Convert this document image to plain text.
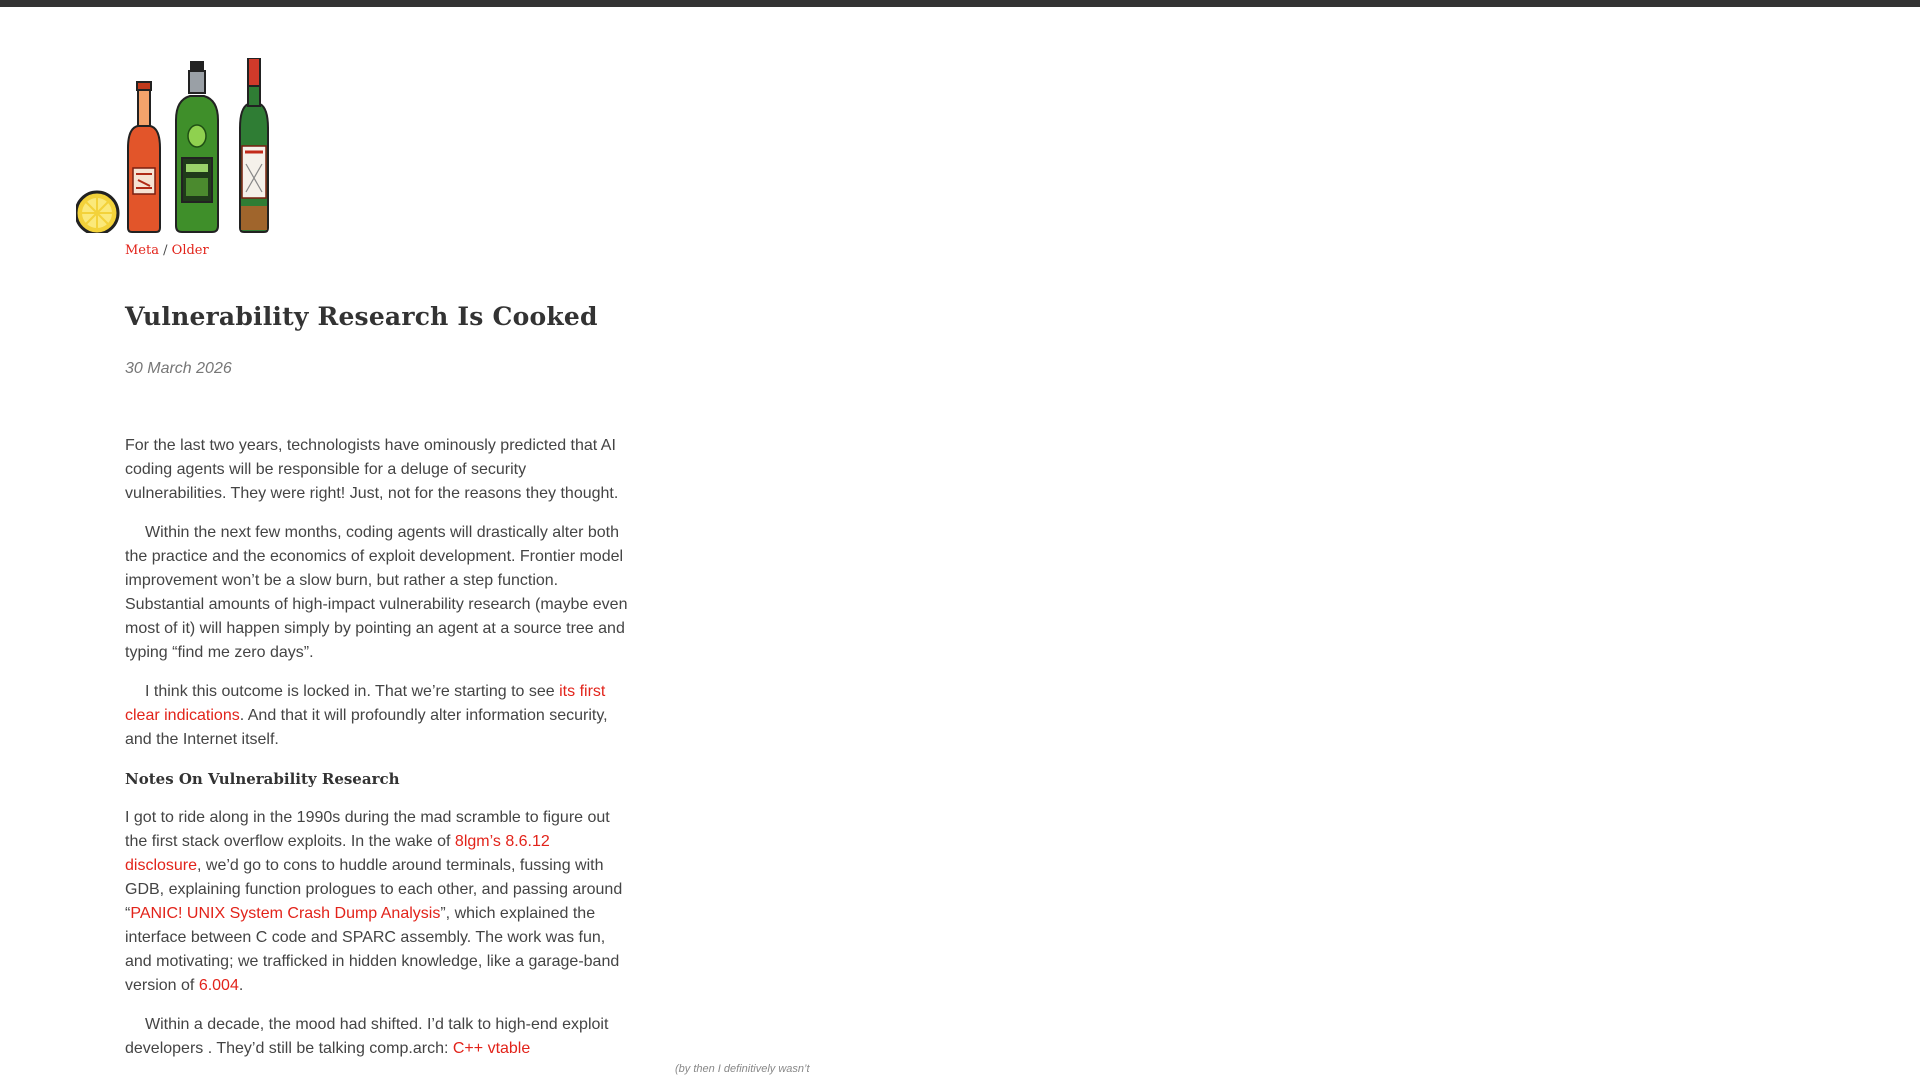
Meta / Older
Vulnerability Research Is Cooked
30 March 2026

For the last two years, technologists have ominously predicted that AI coding agents will be responsible for a deluge of security vulnerabilities. They were right! Just, not for the reasons they thought.

Within the next few months, coding agents will drastically alter both the practice and the economics of exploit development. Frontier model improvement won’t be a slow burn, but rather a step function. Substantial amounts of high-impact vulnerability research (maybe even most of it) will happen simply by pointing an agent at a source tree and typing “find me zero days”.

I think this outcome is locked in. That we’re starting to see its first clear indications. And that it will profoundly alter information security, and the Internet itself.

Notes On Vulnerability Research

I got to ride along in the 1990s during the mad scramble to figure out the first stack overflow exploits. In the wake of 8lgm’s 8.6.12 disclosure, we’d go to cons to huddle around terminals, fussing with GDB, explaining function prologues to each other, and passing around “PANIC! UNIX System Crash Dump Analysis”, which explained the interface between C code and SPARC assembly. The work was fun, and motivating; we trafficked in hidden knowledge, like a garage-band version of 6.004.

Within a decade, the mood had shifted. I’d talk to high-end exploit developers . They’d still be talking comp.arch: C++ vtable

(by then I definitively wasn’t
